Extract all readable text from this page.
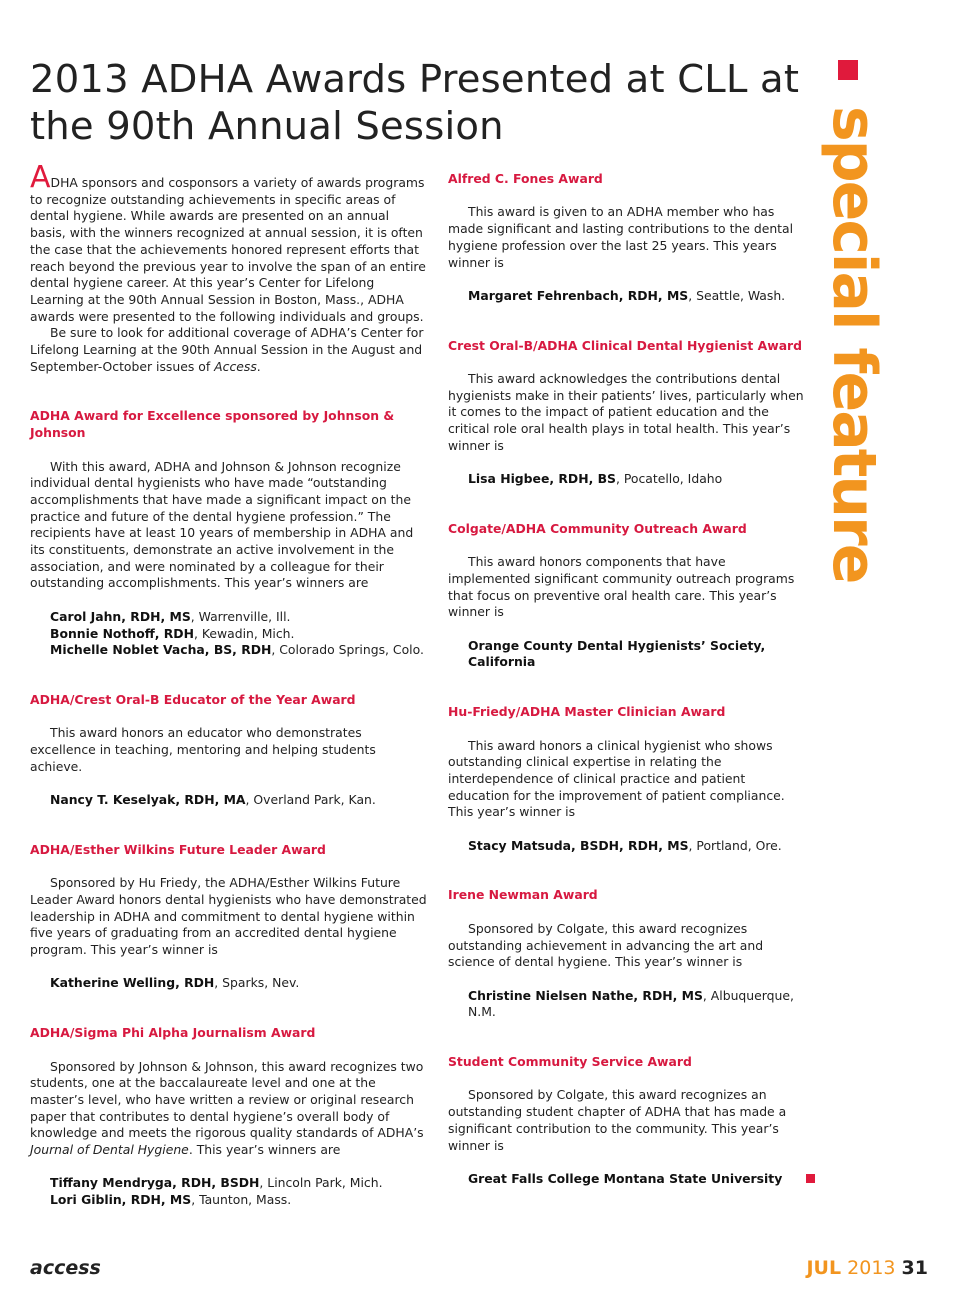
2013 ADHA Awards Presented at CLL at the 90th Annual Session	special feature

ADHA sponsors and cosponsors a variety of awards programs to recognize outstanding achievements in specific areas of dental hygiene. While awards are presented on an annual basis, with the winners recognized at annual session, it is often the case that the achievements honored represent efforts that reach beyond the previous year to involve the span of an entire dental hygiene career. At this year’s Center for Lifelong Learning at the 90th Annual Session in Boston, Mass., ADHA awards were presented to the following individuals and groups.

Be sure to look for additional coverage of ADHA’s Center for Lifelong Learning at the 90th Annual Session in the August and September-October issues of Access.

ADHA Award for Excellence sponsored by Johnson & Johnson

With this award, ADHA and Johnson & Johnson recognize individual dental hygienists who have made “outstanding accomplishments that have made a significant impact on the practice and future of the dental hygiene profession.” The recipients have at least 10 years of membership in ADHA and its constituents, demonstrate an active involvement in the association, and were nominated by a colleague for their outstanding accomplishments. This year’s winners are

Carol Jahn, RDH, MS, Warrenville, Ill.
Bonnie Nothoff, RDH, Kewadin, Mich.
Michelle Noblet Vacha, BS, RDH, Colorado Springs, Colo.
ADHA/Crest Oral-B Educator of the Year Award

This award honors an educator who demonstrates excellence in teaching, mentoring and helping students achieve.

Nancy T. Keselyak, RDH, MA, Overland Park, Kan.
ADHA/Esther Wilkins Future Leader Award

Sponsored by Hu Friedy, the ADHA/Esther Wilkins Future Leader Award honors dental hygienists who have demonstrated leadership in ADHA and commitment to dental hygiene within five years of graduating from an accredited dental hygiene program. This year’s winner is

Katherine Welling, RDH, Sparks, Nev.
ADHA/Sigma Phi Alpha Journalism Award

Sponsored by Johnson & Johnson, this award recognizes two students, one at the baccalaureate level and one at the master’s level, who have written a review or original research paper that contributes to dental hygiene’s overall body of knowledge and meets the rigorous quality standards of ADHA’s Journal of Dental Hygiene. This year’s winners are

Tiffany Mendryga, RDH, BSDH, Lincoln Park, Mich.
Lori Giblin, RDH, MS, Taunton, Mass.
Alfred C. Fones Award

This award is given to an ADHA member who has made significant and lasting contributions to the dental hygiene profession over the last 25 years. This years winner is

Margaret Fehrenbach, RDH, MS, Seattle, Wash.
Crest Oral-B/ADHA Clinical Dental Hygienist Award

This award acknowledges the contributions dental hygienists make in their patients’ lives, particularly when it comes to the impact of patient education and the critical role oral health plays in total health. This year’s winner is

Lisa Higbee, RDH, BS, Pocatello, Idaho
Colgate/ADHA Community Outreach Award

This award honors components that have implemented significant community outreach programs that focus on preventive oral health care. This year’s winner is

Orange County Dental Hygienists’ Society,
California
Hu-Friedy/ADHA Master Clinician Award

This award honors a clinical hygienist who shows outstanding clinical expertise in relating the interdependence of clinical practice and patient education for the improvement of patient compliance. This year’s winner is

Stacy Matsuda, BSDH, RDH, MS, Portland, Ore.
Irene Newman Award

Sponsored by Colgate, this award recognizes outstanding achievement in advancing the art and science of dental hygiene. This year’s winner is

Christine Nielsen Nathe, RDH, MS, Albuquerque,
N.M.
Student Community Service Award

Sponsored by Colgate, this award recognizes an outstanding student chapter of ADHA that has made a significant contribution to the community. This year’s winner is

Great Falls College Montana State University
access	JUL 2013 31
